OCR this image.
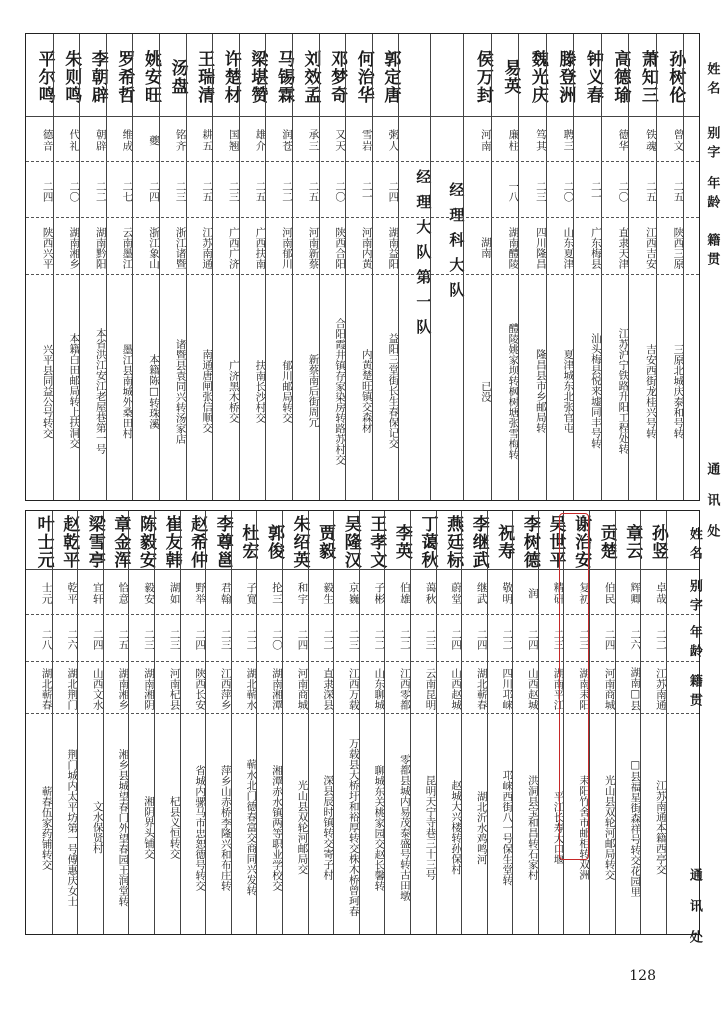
平尔鸣
德音
二四
陕西兴平
兴平县同益公号转交
朱则鸣
代礼
二〇
湖南湘乡
本籍白田邮局转上扶洞交
李朝辟
朝辟
二二
湖南黔阳
本省洪江安江老屋巷第一号
罗希哲
维成
二七
云南墨江
墨江县南城外桑田村
姚安旺
夔
二四
浙江象山
本籍陈□转珠溪
汤盘
铭齐
二三
浙江诸暨
诸暨县袁同兴转汤家店
王瑞清
耕五
二五
江苏南通
南通唐闸张信顺交
许楚材
国翘
二三
广西广济
广济黑木桥交
梁堪赞
雄介
二五
广西扶南
扶南长沙村交
马锡霖
润苍
二二
河南郁川
郁川邮局转交
刘效孟
承三
二五
河南新蔡
新蔡南后街周冗
邓梦奇
又天
二〇
陕西合阳
合阳霞井镇存家染房转路苏村交
何治华
雪岩
二一
河南内黄
内黄楚旺镇交森材
郭定唐
粥人
二四
湖南益阳
益阳三堂街长生春保记交
经理大队第一队	经理科大队
侯万封
河南
湖南
已没
易英
廉柱
一八
湖南醴陵
醴陵姚家坝转枫树塘张雪梅转
魏光庆
笃其
二三
四川隆昌
隆昌县市乡邮局转
滕登洲
聘三
二〇
山东夏津
夏津城东北张官屯
钟义春
二一
广东梅县
汕头梅县悦来墟同丰号转
高德瑜
德华
二〇
直隶天津
江苏沪宁铁路升阳工程处转
萧知三
铁魂
二五
江西吉安
吉安西街龙桂兴号转
孙树伦
曾文
二五
陕西三原
三原北城庆泰和号转
姓名
别字
年龄
籍贯
通讯处
叶士元
士元
二八
湖北蕲春
蕲春伍家药铺转交
赵乾平
乾平
二六
湖北荆门
荆门城内太平坊第一号傅惠庆女士
梁雪亭
宜轩
二四
山西文水
文水保贤村
章金浑
恰意
二五
湖南湘乡
湘乡县城望春门外望春园王润堂转
陈毅安
毅安
二三
湖南湘阴
湘阴界头铺交
崔友韩
湖如
二三
河南杞县
杞县义恒转交
赵希仲
野举
二四
陕西长安
省城内骡马市忠恕德号转交
李尊邕
君翰
二三
江西萍乡
萍乡山赤桥李隆兴和布庄转
杜宏
子寬
二二
湖北蕲水
蕲水北门德春富交商同兴发转
郭俊
抡三
二〇
湖南湘潭
湘潭赤水镇两等职业学校交
朱绍英
和宇
二四
河南商城
光山县双轮河邮局交
贾毅
毅生
二二
直隶深县
深县辰时镇转交寄子村
吴隆汉
京巍
二三
江西万载
万载县大桥圩和裕厚转交株木桥曾珂春
王孝文
子彬
二二
山东聊城
聊城东关桃家园交赵长馨转
李英
伯雄
二二
江西零都
零都县城内易茂泰盛号转古田墩
丁蔼秋
蔼秋
二三
云南昆明
昆明天宁寺巷三十三号
燕廷标
蔚堂
二四
山西赵城
赵城大兴楼转孙保村
李继武
继武
二四
湖北蕲春
湖北沂水鸡鸣河
祝寿
敬明
二二
四川邛崃
邛崃西街八一号保生堂转
李树德
润
二四
山西赵城
洪洞县宝和昌转石家村
吴世平
精研
二三
湖南平江
平江长寿大口堰
谢治安
复初
二三
湖南耒阳
耒阳竹舍市邮柜转双洲
贡楚
伯民
二四
河南商城
光山县双轮河邮局转交
章云
辉卿
二六
湖南□县
□县福星街森祥号转交花园里
孙竖
卓哉
二二
江苏南通
江苏南通本籍西亭交
姓名
别字
年龄
籍贯
通讯处
128
